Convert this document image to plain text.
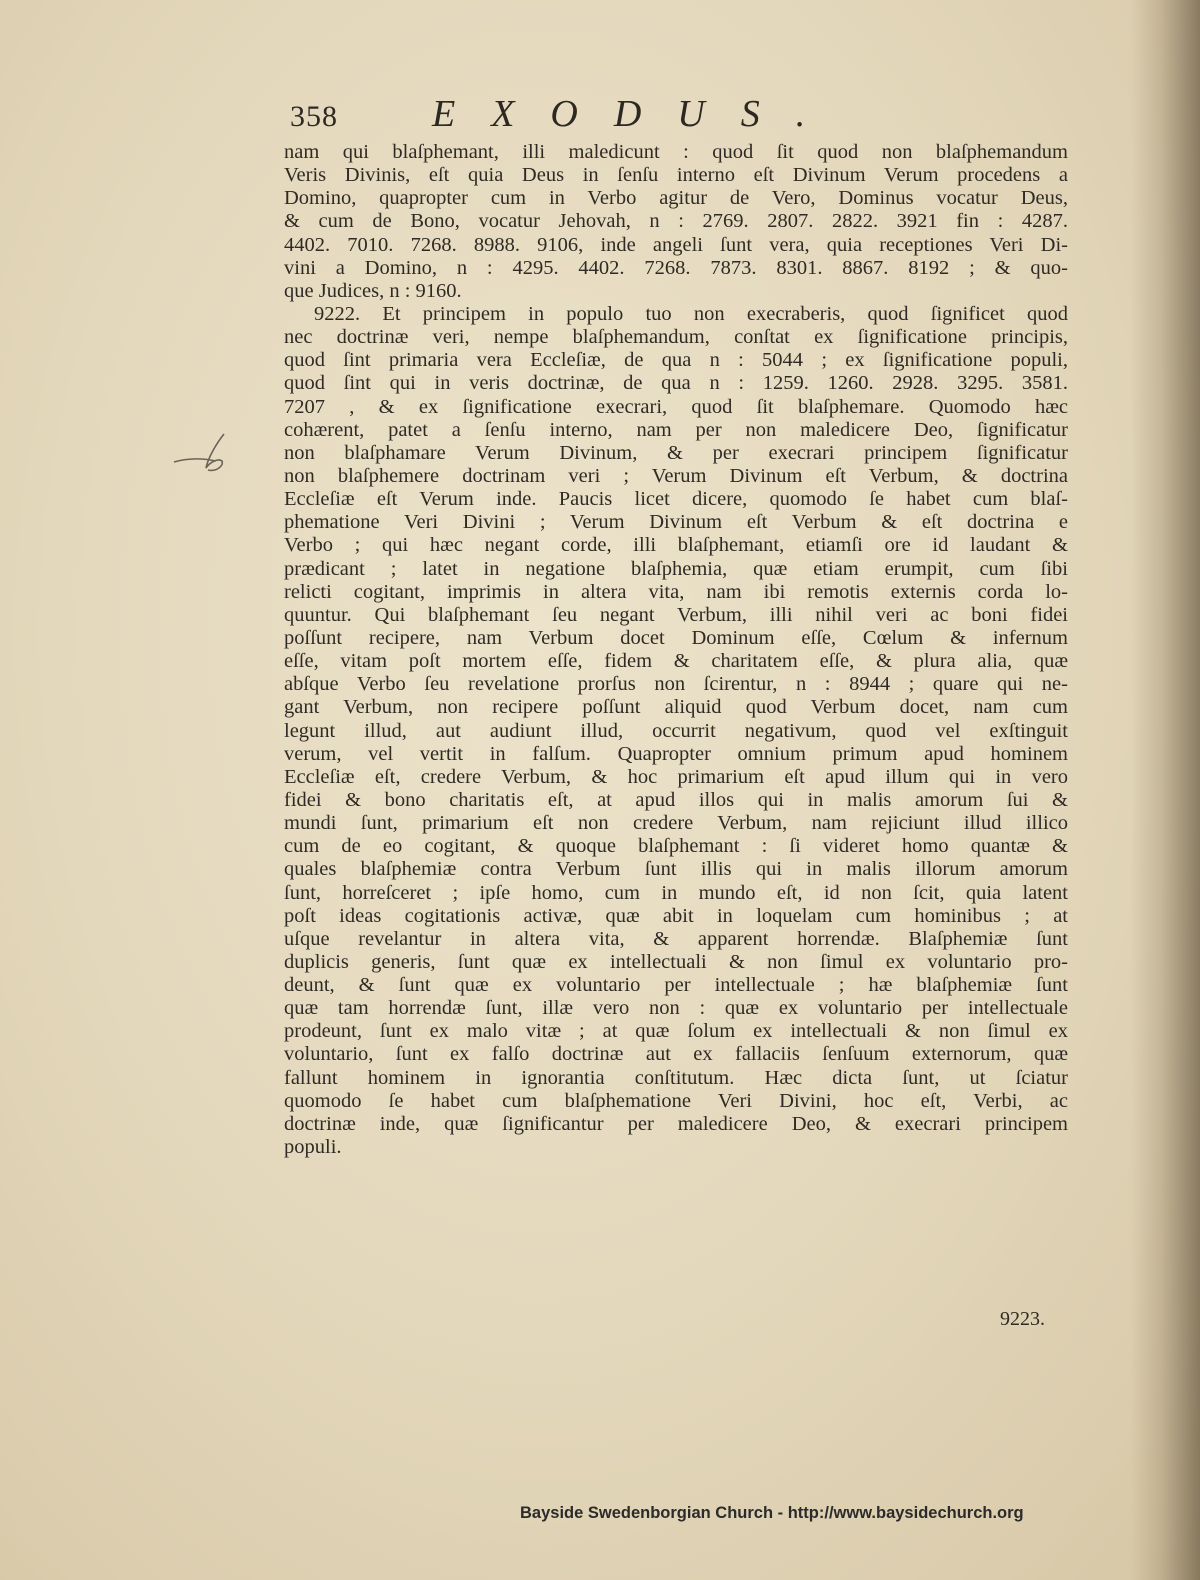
358 EXODUS.
nam qui blaſphemant, illi maledicunt : quod ſit quod non blaſphemandum
Veris Divinis, eſt quia Deus in ſenſu interno eſt Divinum Verum procedens a
Domino, quapropter cum in Verbo agitur de Vero, Dominus vocatur Deus,
& cum de Bono, vocatur Jehovah, n : 2769. 2807. 2822. 3921 fin : 4287.
4402. 7010. 7268. 8988. 9106, inde angeli ſunt vera, quia receptiones Veri Di-
vini a Domino, n : 4295. 4402. 7268. 7873. 8301. 8867. 8192 ; & quo-
que Judices, n : 9160.
9222. Et principem in populo tuo non execraberis, quod ſignificet quod
nec doctrinæ veri, nempe blaſphemandum, conſtat ex ſignificatione principis,
quod ſint primaria vera Eccleſiæ, de qua n : 5044 ; ex ſignificatione populi,
quod ſint qui in veris doctrinæ, de qua n : 1259. 1260. 2928. 3295. 3581.
7207 , & ex ſignificatione execrari, quod ſit blaſphemare. Quomodo hæc
cohærent, patet a ſenſu interno, nam per non maledicere Deo, ſignificatur
non blaſphamare Verum Divinum, & per execrari principem ſignificatur
non blaſphemere doctrinam veri ; Verum Divinum eſt Verbum, & doctrina
Eccleſiæ eſt Verum inde. Paucis licet dicere, quomodo ſe habet cum blaſ-
phematione Veri Divini ; Verum Divinum eſt Verbum & eſt doctrina e
Verbo ; qui hæc negant corde, illi blaſphemant, etiamſi ore id laudant &
prædicant ; latet in negatione blaſphemia, quæ etiam erumpit, cum ſibi
relicti cogitant, imprimis in altera vita, nam ibi remotis externis corda lo-
quuntur. Qui blaſphemant ſeu negant Verbum, illi nihil veri ac boni fidei
poſſunt recipere, nam Verbum docet Dominum eſſe, Cœlum & infernum
eſſe, vitam poſt mortem eſſe, fidem & charitatem eſſe, & plura alia, quæ
abſque Verbo ſeu revelatione prorſus non ſcirentur, n : 8944 ; quare qui ne-
gant Verbum, non recipere poſſunt aliquid quod Verbum docet, nam cum
legunt illud, aut audiunt illud, occurrit negativum, quod vel exſtinguit
verum, vel vertit in falſum. Quapropter omnium primum apud hominem
Eccleſiæ eſt, credere Verbum, & hoc primarium eſt apud illum qui in vero
fidei & bono charitatis eſt, at apud illos qui in malis amorum ſui &
mundi ſunt, primarium eſt non credere Verbum, nam rejiciunt illud illico
cum de eo cogitant, & quoque blaſphemant : ſi videret homo quantæ &
quales blaſphemiæ contra Verbum ſunt illis qui in malis illorum amorum
ſunt, horreſceret ; ipſe homo, cum in mundo eſt, id non ſcit, quia latent
poſt ideas cogitationis activæ, quæ abit in loquelam cum hominibus ; at
uſque revelantur in altera vita, & apparent horrendæ. Blaſphemiæ ſunt
duplicis generis, ſunt quæ ex intellectuali & non ſimul ex voluntario pro-
deunt, & ſunt quæ ex voluntario per intellectuale ; hæ blaſphemiæ ſunt
quæ tam horrendæ ſunt, illæ vero non : quæ ex voluntario per intellectuale
prodeunt, ſunt ex malo vitæ ; at quæ ſolum ex intellectuali & non ſimul ex
voluntario, ſunt ex falſo doctrinæ aut ex fallaciis ſenſuum externorum, quæ
fallunt hominem in ignorantia conſtitutum. Hæc dicta ſunt, ut ſciatur
quomodo ſe habet cum blaſphematione Veri Divini, hoc eſt, Verbi, ac
doctrinæ inde, quæ ſignificantur per maledicere Deo, & execrari principem
populi.
9223.
Bayside Swedenborgian Church - http://www.baysidechurch.org
